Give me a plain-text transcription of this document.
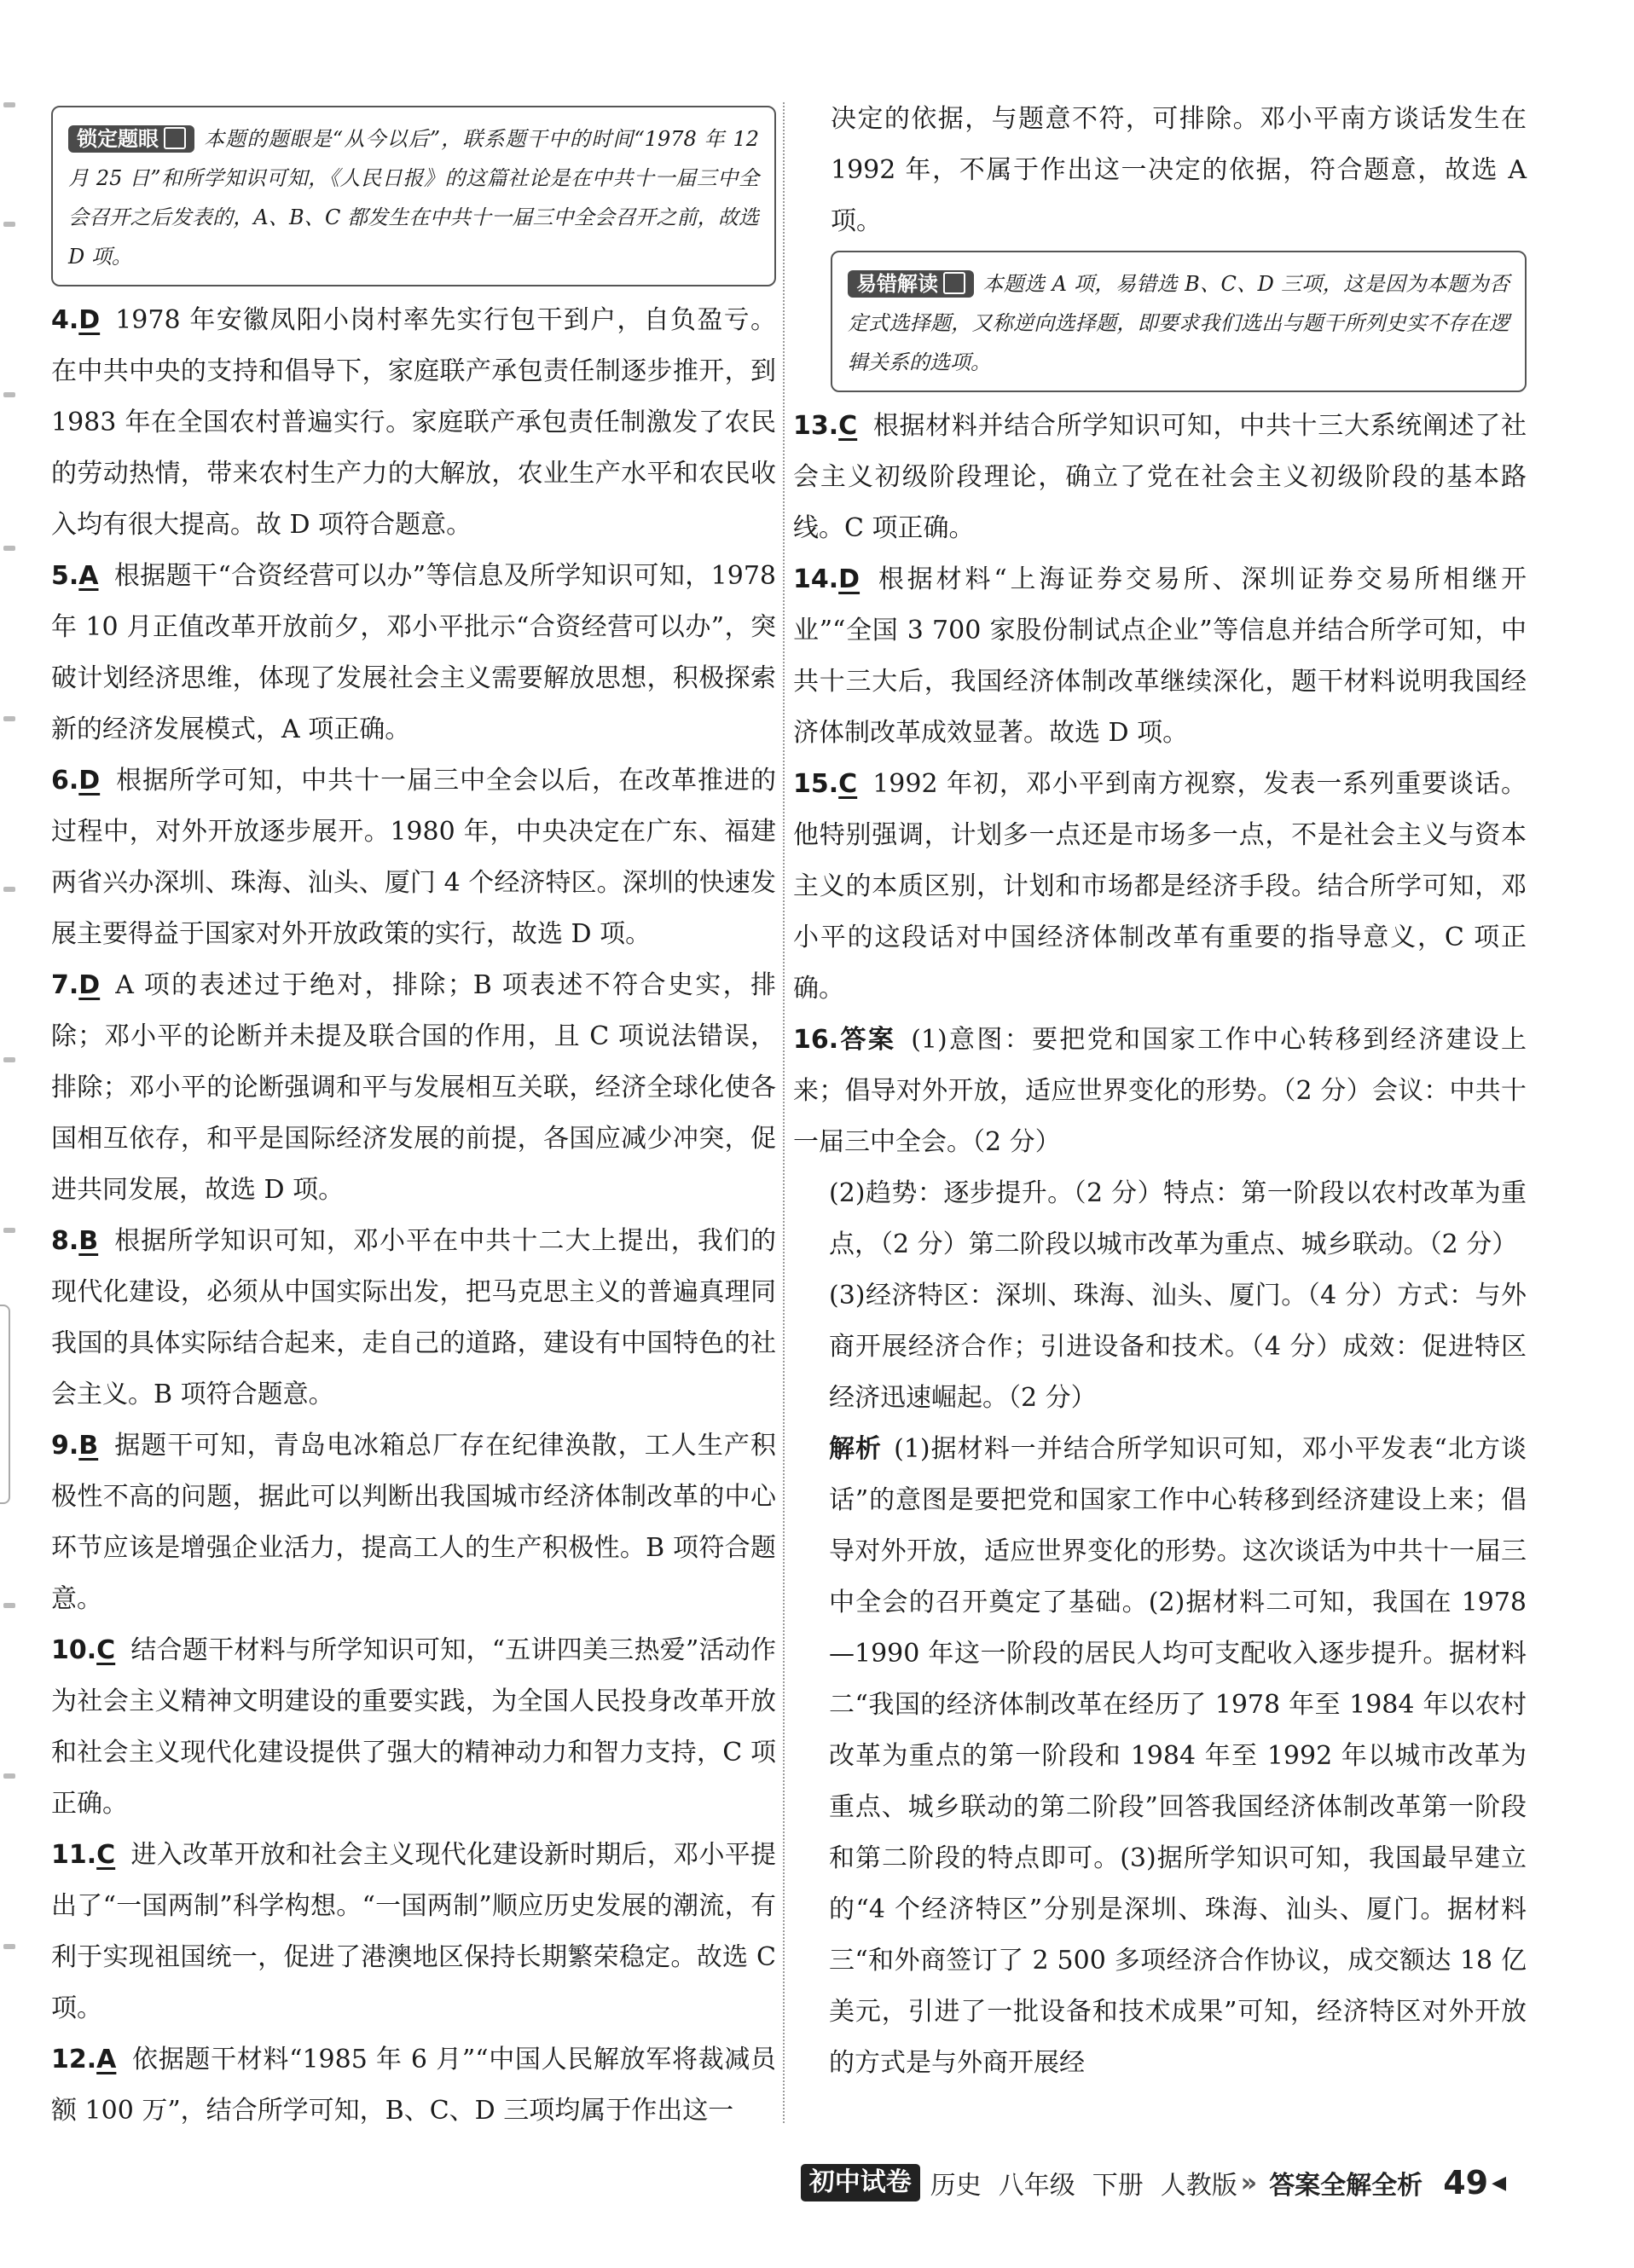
锁定题眼 本题的题眼是“从今以后”，联系题干中的时间“1978 年 12 月 25 日”和所学知识可知，《人民日报》的这篇社论是在中共十一届三中全会召开之后发表的，A、B、C 都发生在中共十一届三中全会召开之前，故选 D 项。

4.D 1978 年安徽凤阳小岗村率先实行包干到户，自负盈亏。在中共中央的支持和倡导下，家庭联产承包责任制逐步推开，到 1983 年在全国农村普遍实行。家庭联产承包责任制激发了农民的劳动热情，带来农村生产力的大解放，农业生产水平和农民收入均有很大提高。故 D 项符合题意。

5.A 根据题干“合资经营可以办”等信息及所学知识可知，1978 年 10 月正值改革开放前夕，邓小平批示“合资经营可以办”，突破计划经济思维，体现了发展社会主义需要解放思想，积极探索新的经济发展模式，A 项正确。

6.D 根据所学可知，中共十一届三中全会以后，在改革推进的过程中，对外开放逐步展开。1980 年，中央决定在广东、福建两省兴办深圳、珠海、汕头、厦门 4 个经济特区。深圳的快速发展主要得益于国家对外开放政策的实行，故选 D 项。

7.D A 项的表述过于绝对，排除；B 项表述不符合史实，排除；邓小平的论断并未提及联合国的作用，且 C 项说法错误，排除；邓小平的论断强调和平与发展相互关联，经济全球化使各国相互依存，和平是国际经济发展的前提，各国应减少冲突，促进共同发展，故选 D 项。

8.B 根据所学知识可知，邓小平在中共十二大上提出，我们的现代化建设，必须从中国实际出发，把马克思主义的普遍真理同我国的具体实际结合起来，走自己的道路，建设有中国特色的社会主义。B 项符合题意。

9.B 据题干可知，青岛电冰箱总厂存在纪律涣散，工人生产积极性不高的问题，据此可以判断出我国城市经济体制改革的中心环节应该是增强企业活力，提高工人的生产积极性。B 项符合题意。

10.C 结合题干材料与所学知识可知，“五讲四美三热爱”活动作为社会主义精神文明建设的重要实践，为全国人民投身改革开放和社会主义现代化建设提供了强大的精神动力和智力支持，C 项正确。

11.C 进入改革开放和社会主义现代化建设新时期后，邓小平提出了“一国两制”科学构想。“一国两制”顺应历史发展的潮流，有利于实现祖国统一，促进了港澳地区保持长期繁荣稳定。故选 C 项。

12.A 依据题干材料“1985 年 6 月”“中国人民解放军将裁减员额 100 万”，结合所学可知，B、C、D 三项均属于作出这一

决定的依据，与题意不符，可排除。邓小平南方谈话发生在 1992 年，不属于作出这一决定的依据，符合题意，故选 A 项。

易错解读 本题选 A 项，易错选 B、C、D 三项，这是因为本题为否定式选择题，又称逆向选择题，即要求我们选出与题干所列史实不存在逻辑关系的选项。

13.C 根据材料并结合所学知识可知，中共十三大系统阐述了社会主义初级阶段理论，确立了党在社会主义初级阶段的基本路线。C 项正确。

14.D 根据材料“上海证券交易所、深圳证券交易所相继开业”“全国 3 700 家股份制试点企业”等信息并结合所学可知，中共十三大后，我国经济体制改革继续深化，题干材料说明我国经济体制改革成效显著。故选 D 项。

15.C 1992 年初，邓小平到南方视察，发表一系列重要谈话。他特别强调，计划多一点还是市场多一点，不是社会主义与资本主义的本质区别，计划和市场都是经济手段。结合所学可知，邓小平的这段话对中国经济体制改革有重要的指导意义，C 项正确。

16.答案 (1)意图：要把党和国家工作中心转移到经济建设上来；倡导对外开放，适应世界变化的形势。（2 分）会议：中共十一届三中全会。（2 分）

(2)趋势：逐步提升。（2 分）特点：第一阶段以农村改革为重点，（2 分）第二阶段以城市改革为重点、城乡联动。（2 分）

(3)经济特区：深圳、珠海、汕头、厦门。（4 分）方式：与外商开展经济合作；引进设备和技术。（4 分）成效：促进特区经济迅速崛起。（2 分）

解析 (1)据材料一并结合所学知识可知，邓小平发表“北方谈话”的意图是要把党和国家工作中心转移到经济建设上来；倡导对外开放，适应世界变化的形势。这次谈话为中共十一届三中全会的召开奠定了基础。(2)据材料二可知，我国在 1978—1990 年这一阶段的居民人均可支配收入逐步提升。据材料二“我国的经济体制改革在经历了 1978 年至 1984 年以农村改革为重点的第一阶段和 1984 年至 1992 年以城市改革为重点、城乡联动的第二阶段”回答我国经济体制改革第一阶段和第二阶段的特点即可。(3)据所学知识可知，我国最早建立的“4 个经济特区”分别是深圳、珠海、汕头、厦门。据材料三“和外商签订了 2 500 多项经济合作协议，成交额达 18 亿美元，引进了一批设备和技术成果”可知，经济特区对外开放的方式是与外商开展经

初中试卷 历史 八年级 下册 人教版 » 答案全解全析 49 ◀
